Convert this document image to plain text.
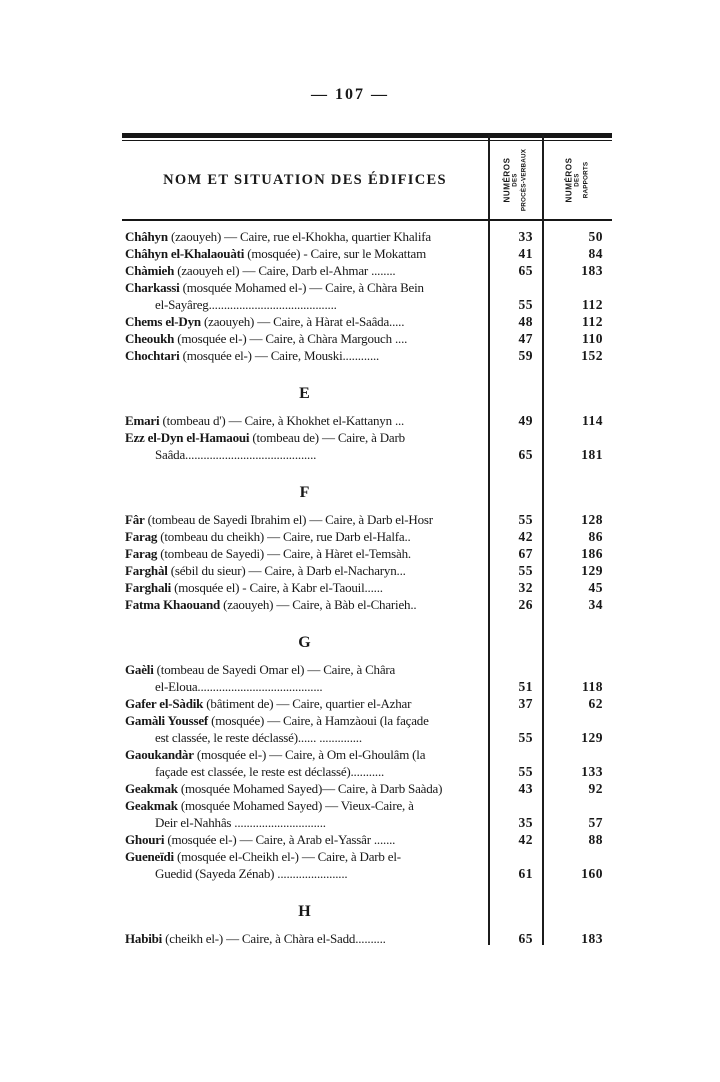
— 107 —
NOM ET SITUATION DES ÉDIFICES	NUMÉROS DES PROCÈS-VERBAUX	NUMÉROS DES RAPPORTS
Châhyn (zaouyeh) — Caire, rue el-Khokha, quartier Khalifa	33	50
Châhyn el-Khalaouàti (mosquée) - Caire, sur le Mokattam	41	84
Chàmieh (zaouyeh el) — Caire, Darb el-Ahmar ........	65	183
Charkassi (mosquée Mohamed el-) — Caire, à Chàra Bein
el-Sayâreg..........................................	55	112
Chems el-Dyn (zaouyeh) — Caire, à Hàrat el-Saâda.....	48	112
Cheoukh (mosquée el-) — Caire, à Chàra Margouch ....	47	110
Chochtari (mosquée el-) — Caire, Mouski............	59	152
E
Emari (tombeau d') — Caire, à Khokhet el-Kattanyn ...	49	114
Ezz el-Dyn el-Hamaoui (tombeau de) — Caire, à Darb
Saâda...........................................	65	181
F
Fâr (tombeau de Sayedi Ibrahim el) — Caire, à Darb el-Hosr	55	128
Farag (tombeau du cheikh) — Caire, rue Darb el-Halfa..	42	86
Farag (tombeau de Sayedi) — Caire, à Hàret el-Temsàh.	67	186
Farghàl (sébil du sieur) — Caire, à Darb el-Nacharyn...	55	129
Farghali (mosquée el) - Caire, à Kabr el-Taouil......	32	45
Fatma Khaouand (zaouyeh) — Caire, à Bàb el-Charieh..	26	34
G
Gaèli (tombeau de Sayedi Omar el) — Caire, à Châra
el-Eloua.........................................	51	118
Gafer el-Sàdik (bâtiment de) — Caire, quartier el-Azhar	37	62
Gamàli Youssef (mosquée) — Caire, à Hamzàoui (la façade
est classée, le reste déclassé)...... ..............	55	129
Gaoukandàr (mosquée el-) — Caire, à Om el-Ghoulâm (la
façade est classée, le reste est déclassé)...........	55	133
Geakmak (mosquée Mohamed Sayed)— Caire, à Darb Saàda)	43	92
Geakmak (mosquée Mohamed Sayed) — Vieux-Caire, à
Deir el-Nahhâs ..............................	35	57
Ghouri (mosquée el-) — Caire, à Arab el-Yassâr .......	42	88
Gueneïdi (mosquée el-Cheikh el-) — Caire, à Darb el-
Guedid (Sayeda Zénab) .......................	61	160
H
Habibi (cheikh el-) — Caire, à Chàra el-Sadd..........	65	183
